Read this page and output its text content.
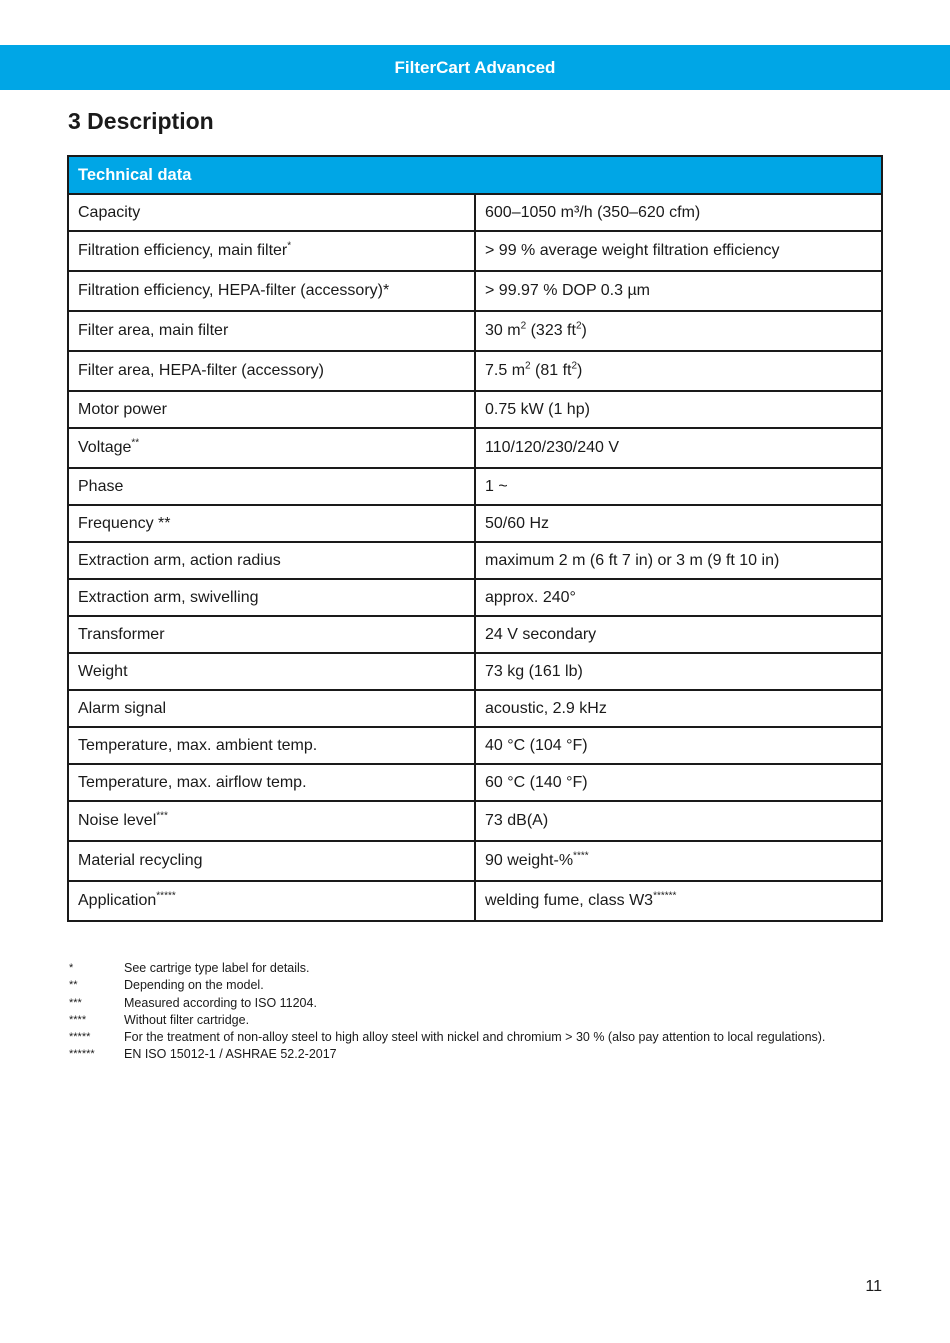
FilterCart Advanced
3 Description
Technical data	
Capacity	600–1050 m³/h (350–620 cfm)
Filtration efficiency, main filter*	> 99 % average weight filtration efficiency
Filtration efficiency, HEPA-filter (accessory)*	> 99.97 % DOP 0.3 µm
Filter area, main filter	30 $m^2$ (323 $ft^2$)
Filter area, HEPA-filter (accessory)	7.5 $m^2$ (81 $ft^2$)
Motor power	0.75 kW (1 hp)
Voltage**	110/120/230/240 V
Phase	1 ~
Frequency **	50/60 Hz
Extraction arm, action radius	maximum 2 m (6 ft 7 in) or 3 m (9 ft 10 in)
Extraction arm, swivelling	approx. 240°
Transformer	24 V secondary
Weight	73 kg (161 lb)
Alarm signal	acoustic, 2.9 kHz
Temperature, max. ambient temp.	40 °C (104 °F)
Temperature, max. airflow temp.	60 °C (140 °F)
Noise level***	73 dB(A)
Material recycling	90 weight-%****
Application*****	welding fume, class W3******
*	See cartrige type label for details.
**	Depending on the model.
***	Measured according to ISO 11204.
****	Without filter cartridge.
*****	For the treatment of non-alloy steel to high alloy steel with nickel and chromium > 30 % (also pay attention to local regulations).
******	EN ISO 15012-1 / ASHRAE 52.2-2017
11
